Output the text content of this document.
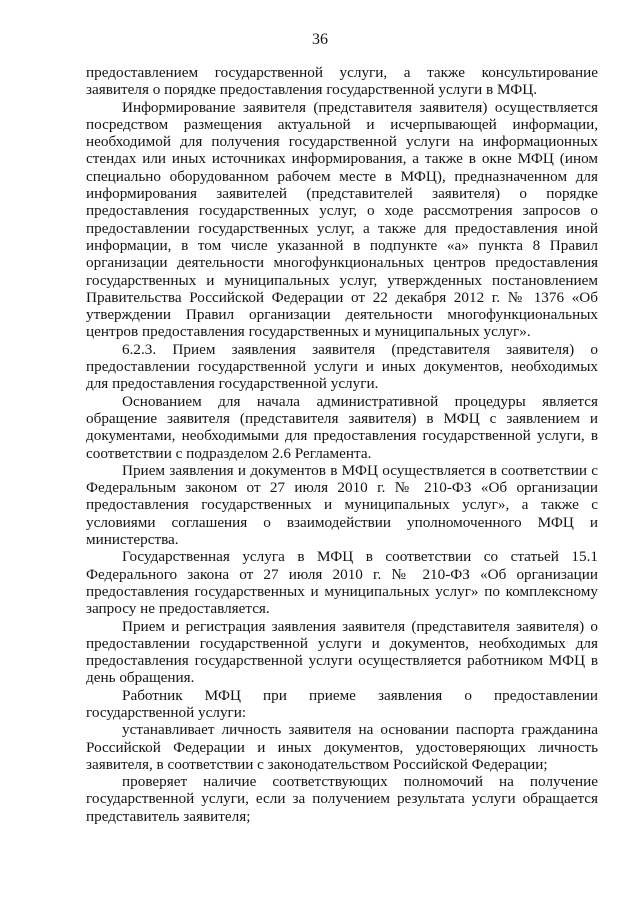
36

предоставлением государственной услуги, а также консультирование заявителя о порядке предоставления государственной услуги в МФЦ.

Информирование заявителя (представителя заявителя) осуществляется посредством размещения актуальной и исчерпывающей информации, необходимой для получения государственной услуги на информационных стендах или иных источниках информирования, а также в окне МФЦ (ином специально оборудованном рабочем месте в МФЦ), предназначенном для информирования заявителей (представителей заявителя) о порядке предоставления государственных услуг, о ходе рассмотрения запросов о предоставлении государственных услуг, а также для предоставления иной информации, в том числе указанной в подпункте «а» пункта 8 Правил организации деятельности многофункциональных центров предоставления государственных и муниципальных услуг, утвержденных постановлением Правительства Российской Федерации от 22 декабря 2012 г. № 1376 «Об утверждении Правил организации деятельности многофункциональных центров предоставления государственных и муниципальных услуг».

6.2.3. Прием заявления заявителя (представителя заявителя) о предоставлении государственной услуги и иных документов, необходимых для предоставления государственной услуги.

Основанием для начала административной процедуры является обращение заявителя (представителя заявителя) в МФЦ с заявлением и документами, необходимыми для предоставления государственной услуги, в соответствии с подразделом 2.6 Регламента.

Прием заявления и документов в МФЦ осуществляется в соответствии с Федеральным законом от 27 июля 2010 г. № 210-ФЗ «Об организации предоставления государственных и муниципальных услуг», а также с условиями соглашения о взаимодействии уполномоченного МФЦ и министерства.

Государственная услуга в МФЦ в соответствии со статьей 15.1 Федерального закона от 27 июля 2010 г. № 210-ФЗ «Об организации предоставления государственных и муниципальных услуг» по комплексному запросу не предоставляется.

Прием и регистрация заявления заявителя (представителя заявителя) о предоставлении государственной услуги и документов, необходимых для предоставления государственной услуги осуществляется работником МФЦ в день обращения.

Работник МФЦ при приеме заявления о предоставлении государственной услуги:

устанавливает личность заявителя на основании паспорта гражданина Российской Федерации и иных документов, удостоверяющих личность заявителя, в соответствии с законодательством Российской Федерации;

проверяет наличие соответствующих полномочий на получение государственной услуги, если за получением результата услуги обращается представитель заявителя;
